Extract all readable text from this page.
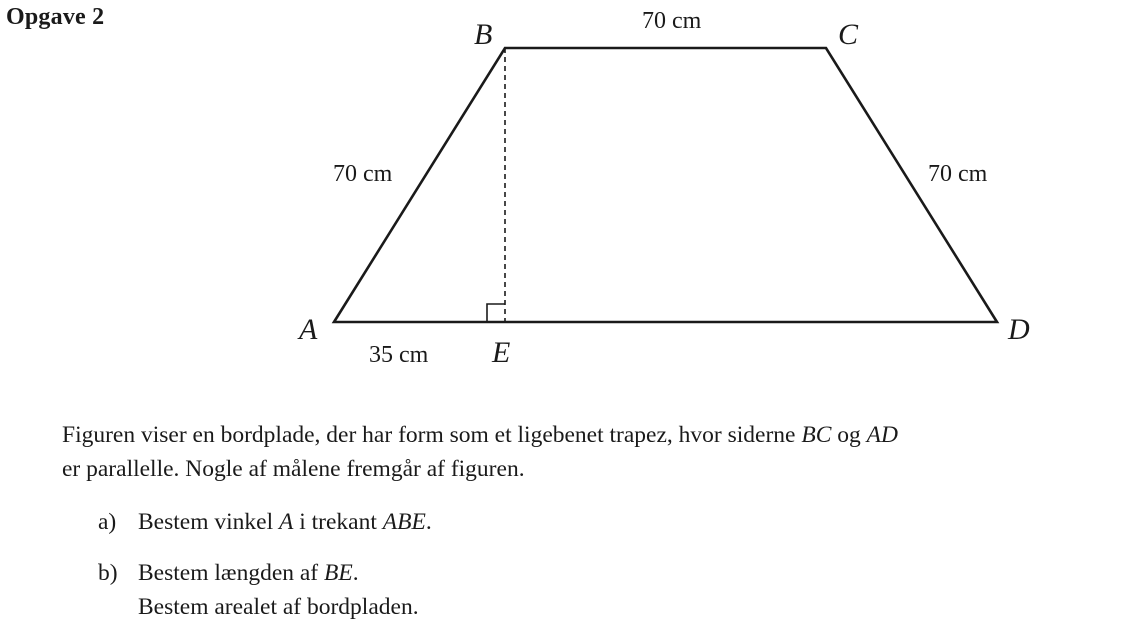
Opgave 2
A
B	C
D
E
70 cm
70 cm	70 cm
35 cm
Figuren viser en bordplade, der har form som et ligebenet trapez, hvor siderne BC og AD
er parallelle. Nogle af målene fremgår af figuren.
a) Bestem vinkel A i trekant ABE.
b) Bestem længden af BE.
Bestem arealet af bordpladen.
